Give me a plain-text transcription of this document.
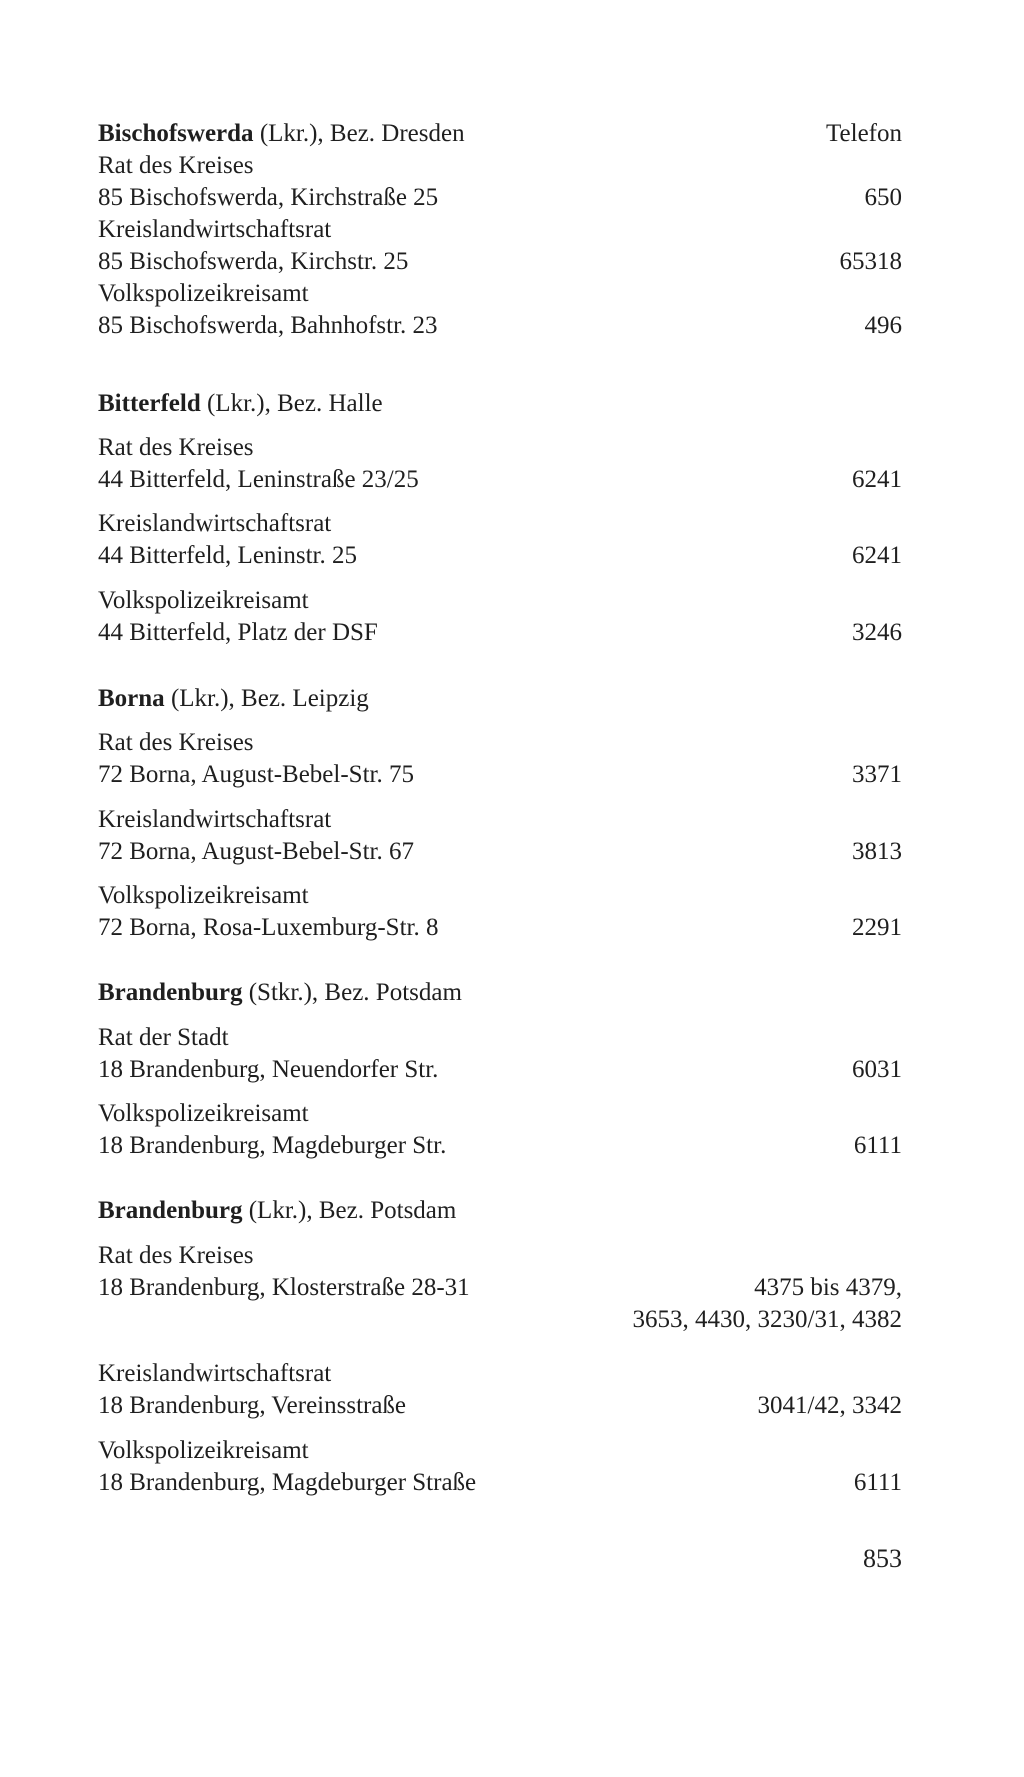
Bischofswerda (Lkr.), Bez. Dresden	Telefon
Rat des Kreises
85 Bischofswerda, Kirchstraße 25	650
Kreislandwirtschaftsrat
85 Bischofswerda, Kirchstr. 25	65318
Volkspolizeikreisamt
85 Bischofswerda, Bahnhofstr. 23	496
Bitterfeld (Lkr.), Bez. Halle
Rat des Kreises
44 Bitterfeld, Leninstraße 23/25	6241
Kreislandwirtschaftsrat
44 Bitterfeld, Leninstr. 25	6241
Volkspolizeikreisamt
44 Bitterfeld, Platz der DSF	3246
Borna (Lkr.), Bez. Leipzig
Rat des Kreises
72 Borna, August-Bebel-Str. 75	3371
Kreislandwirtschaftsrat
72 Borna, August-Bebel-Str. 67	3813
Volkspolizeikreisamt
72 Borna, Rosa-Luxemburg-Str. 8	2291
Brandenburg (Stkr.), Bez. Potsdam
Rat der Stadt
18 Brandenburg, Neuendorfer Str.	6031
Volkspolizeikreisamt
18 Brandenburg, Magdeburger Str.	6111
Brandenburg (Lkr.), Bez. Potsdam
Rat des Kreises
18 Brandenburg, Klosterstraße 28-31	4375 bis 4379,
3653, 4430, 3230/31, 4382
Kreislandwirtschaftsrat
18 Brandenburg, Vereinsstraße	3041/42, 3342
Volkspolizeikreisamt
18 Brandenburg, Magdeburger Straße	6111
853
